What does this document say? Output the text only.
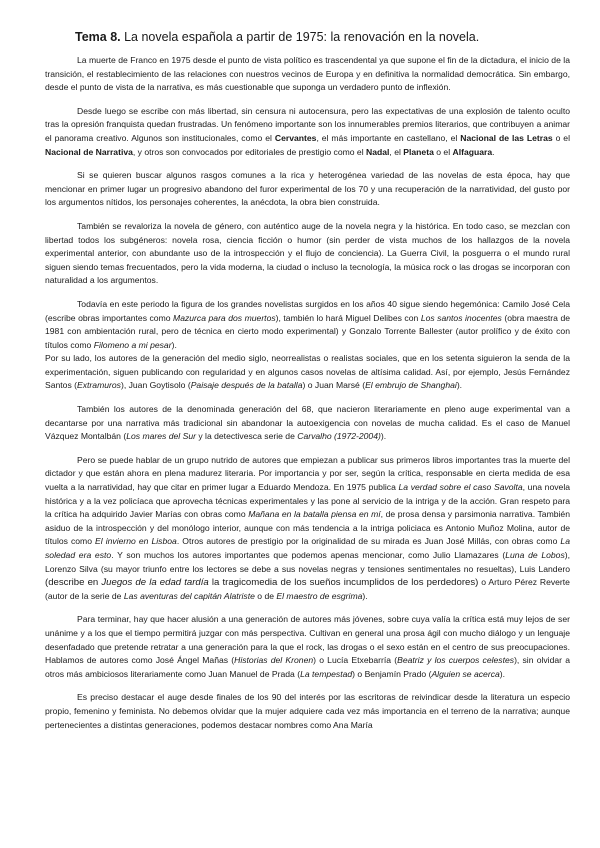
Tema 8. La novela española a partir de 1975: la renovación en la novela.

La muerte de Franco en 1975 desde el punto de vista político es trascendental ya que supone el fin de la dictadura, el inicio de la transición, el restablecimiento de las relaciones con nuestros vecinos de Europa y en definitiva la normalidad democrática. Sin embargo, desde el punto de vista de la narrativa, es más cuestionable que suponga un verdadero punto de inflexión.

Desde luego se escribe con más libertad, sin censura ni autocensura, pero las expectativas de una explosión de talento oculto tras la opresión franquista quedan frustradas. Un fenómeno importante son los innumerables premios literarios, que contribuyen a animar el panorama creativo. Algunos son institucionales, como el Cervantes, el más importante en castellano, el Nacional de las Letras o el Nacional de Narrativa, y otros son convocados por editoriales de prestigio como el Nadal, el Planeta o el Alfaguara.

Si se quieren buscar algunos rasgos comunes a la rica y heterogénea variedad de las novelas de esta época, hay que mencionar en primer lugar un progresivo abandono del furor experimental de los 70 y una recuperación de la narratividad, del gusto por los argumentos nítidos, los personajes coherentes, la anécdota, la obra bien construida.

También se revaloriza la novela de género, con auténtico auge de la novela negra y la histórica. En todo caso, se mezclan con libertad todos los subgéneros: novela rosa, ciencia ficción o humor (sin perder de vista muchos de los hallazgos de la novela experimental anterior, con abundante uso de la introspección y el flujo de conciencia). La Guerra Civil, la posguerra o el mundo rural siguen siendo temas frecuentados, pero la vida moderna, la ciudad o incluso la tecnología, la música rock o las drogas se incorporan con naturalidad a los argumentos.

Todavía en este periodo la figura de los grandes novelistas surgidos en los años 40 sigue siendo hegemónica: Camilo José Cela (escribe obras importantes como Mazurca para dos muertos), también lo hará Miguel Delibes con Los santos inocentes (obra maestra de 1981 con ambientación rural, pero de técnica en cierto modo experimental) y Gonzalo Torrente Ballester (autor prolífico y de éxito con títulos como Filomeno a mi pesar).

Por su lado, los autores de la generación del medio siglo, neorrealistas o realistas sociales, que en los setenta siguieron la senda de la experimentación, siguen publicando con regularidad y en algunos casos novelas de altísima calidad. Así, por ejemplo, Jesús Fernández Santos (Extramuros), Juan Goytisolo (Paisaje después de la batalla) o Juan Marsé (El embrujo de Shanghai).

También los autores de la denominada generación del 68, que nacieron literariamente en pleno auge experimental van a decantarse por una narrativa más tradicional sin abandonar la autoexigencia con novelas de mucha calidad. Es el caso de Manuel Vázquez Montalbán (Los mares del Sur y la detectivesca serie de Carvalho (1972-2004)).

Pero se puede hablar de un grupo nutrido de autores que empiezan a publicar sus primeros libros importantes tras la muerte del dictador y que están ahora en plena madurez literaria. Por importancia y por ser, según la crítica, responsable en cierta medida de esa vuelta a la narratividad, hay que citar en primer lugar a Eduardo Mendoza. En 1975 publica La verdad sobre el caso Savolta, una novela histórica y a la vez policíaca que aprovecha técnicas experimentales y las pone al servicio de la intriga y de la acción. Gran respeto para la crítica ha adquirido Javier Marías con obras como Mañana en la batalla piensa en mí, de prosa densa y parsimonia narrativa. También asiduo de la introspección y del monólogo interior, aunque con más tendencia a la intriga policiaca es Antonio Muñoz Molina, autor de títulos como El invierno en Lisboa. Otros autores de prestigio por la originalidad de su mirada es Juan José Millás, con obras como La soledad era esto. Y son muchos los autores importantes que podemos apenas mencionar, como Julio Llamazares (Luna de Lobos), Lorenzo Silva (su mayor triunfo entre los lectores se debe a sus novelas negras y tensiones sentimentales no resueltas), Luis Landero (describe en Juegos de la edad tardía la tragicomedia de los sueños incumplidos de los perdedores) o Arturo Pérez Reverte (autor de la serie de Las aventuras del capitán Alatriste o de El maestro de esgrima).

Para terminar, hay que hacer alusión a una generación de autores más jóvenes, sobre cuya valía la crítica está muy lejos de ser unánime y a los que el tiempo permitirá juzgar con más perspectiva. Cultivan en general una prosa ágil con mucho diálogo y un lenguaje desenfadado que pretende retratar a una generación para la que el rock, las drogas o el sexo están en el centro de sus preocupaciones. Hablamos de autores como José Ángel Mañas (Historias del Kronen) o Lucía Etxebarría (Beatriz y los cuerpos celestes), sin olvidar a otros más ambiciosos literariamente como Juan Manuel de Prada (La tempestad) o Benjamín Prado (Alguien se acerca).

Es preciso destacar el auge desde finales de los 90 del interés por las escritoras de reivindicar desde la literatura un especio propio, femenino y feminista. No debemos olvidar que la mujer adquiere cada vez más importancia en el terreno de la narrativa; aunque pertenecientes a distintas generaciones, podemos destacar nombres como Ana María
